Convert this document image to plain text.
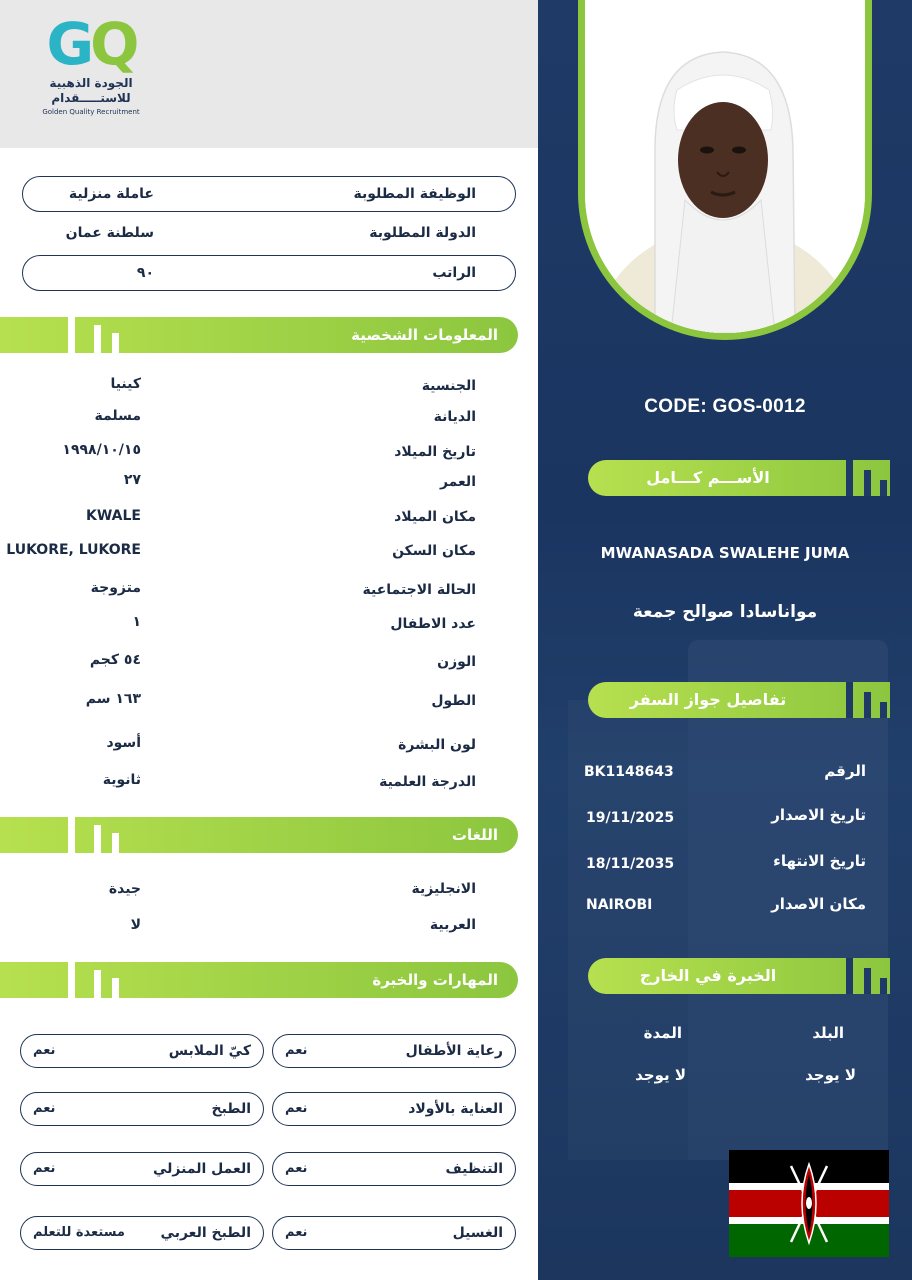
GQ
الجودة الذهبية
للاستـــــقدام
Golden Quality Recruitment
الوظيفة المطلوبة
عاملة منزلية
الدولة المطلوبة
سلطنة عمان
الراتب
٩٠
المعلومات الشخصية
الجنسية
كينيا
الديانة
مسلمة
تاريخ الميلاد
١٩٩٨/١٠/١٥
العمر
٢٧
مكان الميلاد
KWALE
مكان السكن
LUKORE, LUKORE
الحالة الاجتماعية
متزوجة
عدد الاطفال
١
الوزن
٥٤ كجم
الطول
١٦٣ سم
لون البشرة
أسود
الدرجة العلمية
ثانوية
اللغات
الانجليزية
جيدة
العربية
لا
المهارات والخبرة
رعاية الأطفال
نعم
العناية بالأولاد
نعم
التنظيف
نعم
الغسيل
نعم
كيّ الملابس
نعم
الطبخ
نعم
العمل المنزلي
نعم
الطبخ العربي
مستعدة للتعلم
CODE: GOS-0012
الأســـم كـــامل
MWANASADA SWALEHE JUMA
مواناسادا صوالح جمعة
تفاصيل جواز السفر
الرقم
BK1148643
تاريخ الاصدار
19/11/2025
تاريخ الانتهاء
18/11/2035
مكان الاصدار
NAIROBI
الخبرة في الخارج
البلد
المدة
لا يوجد
لا يوجد
